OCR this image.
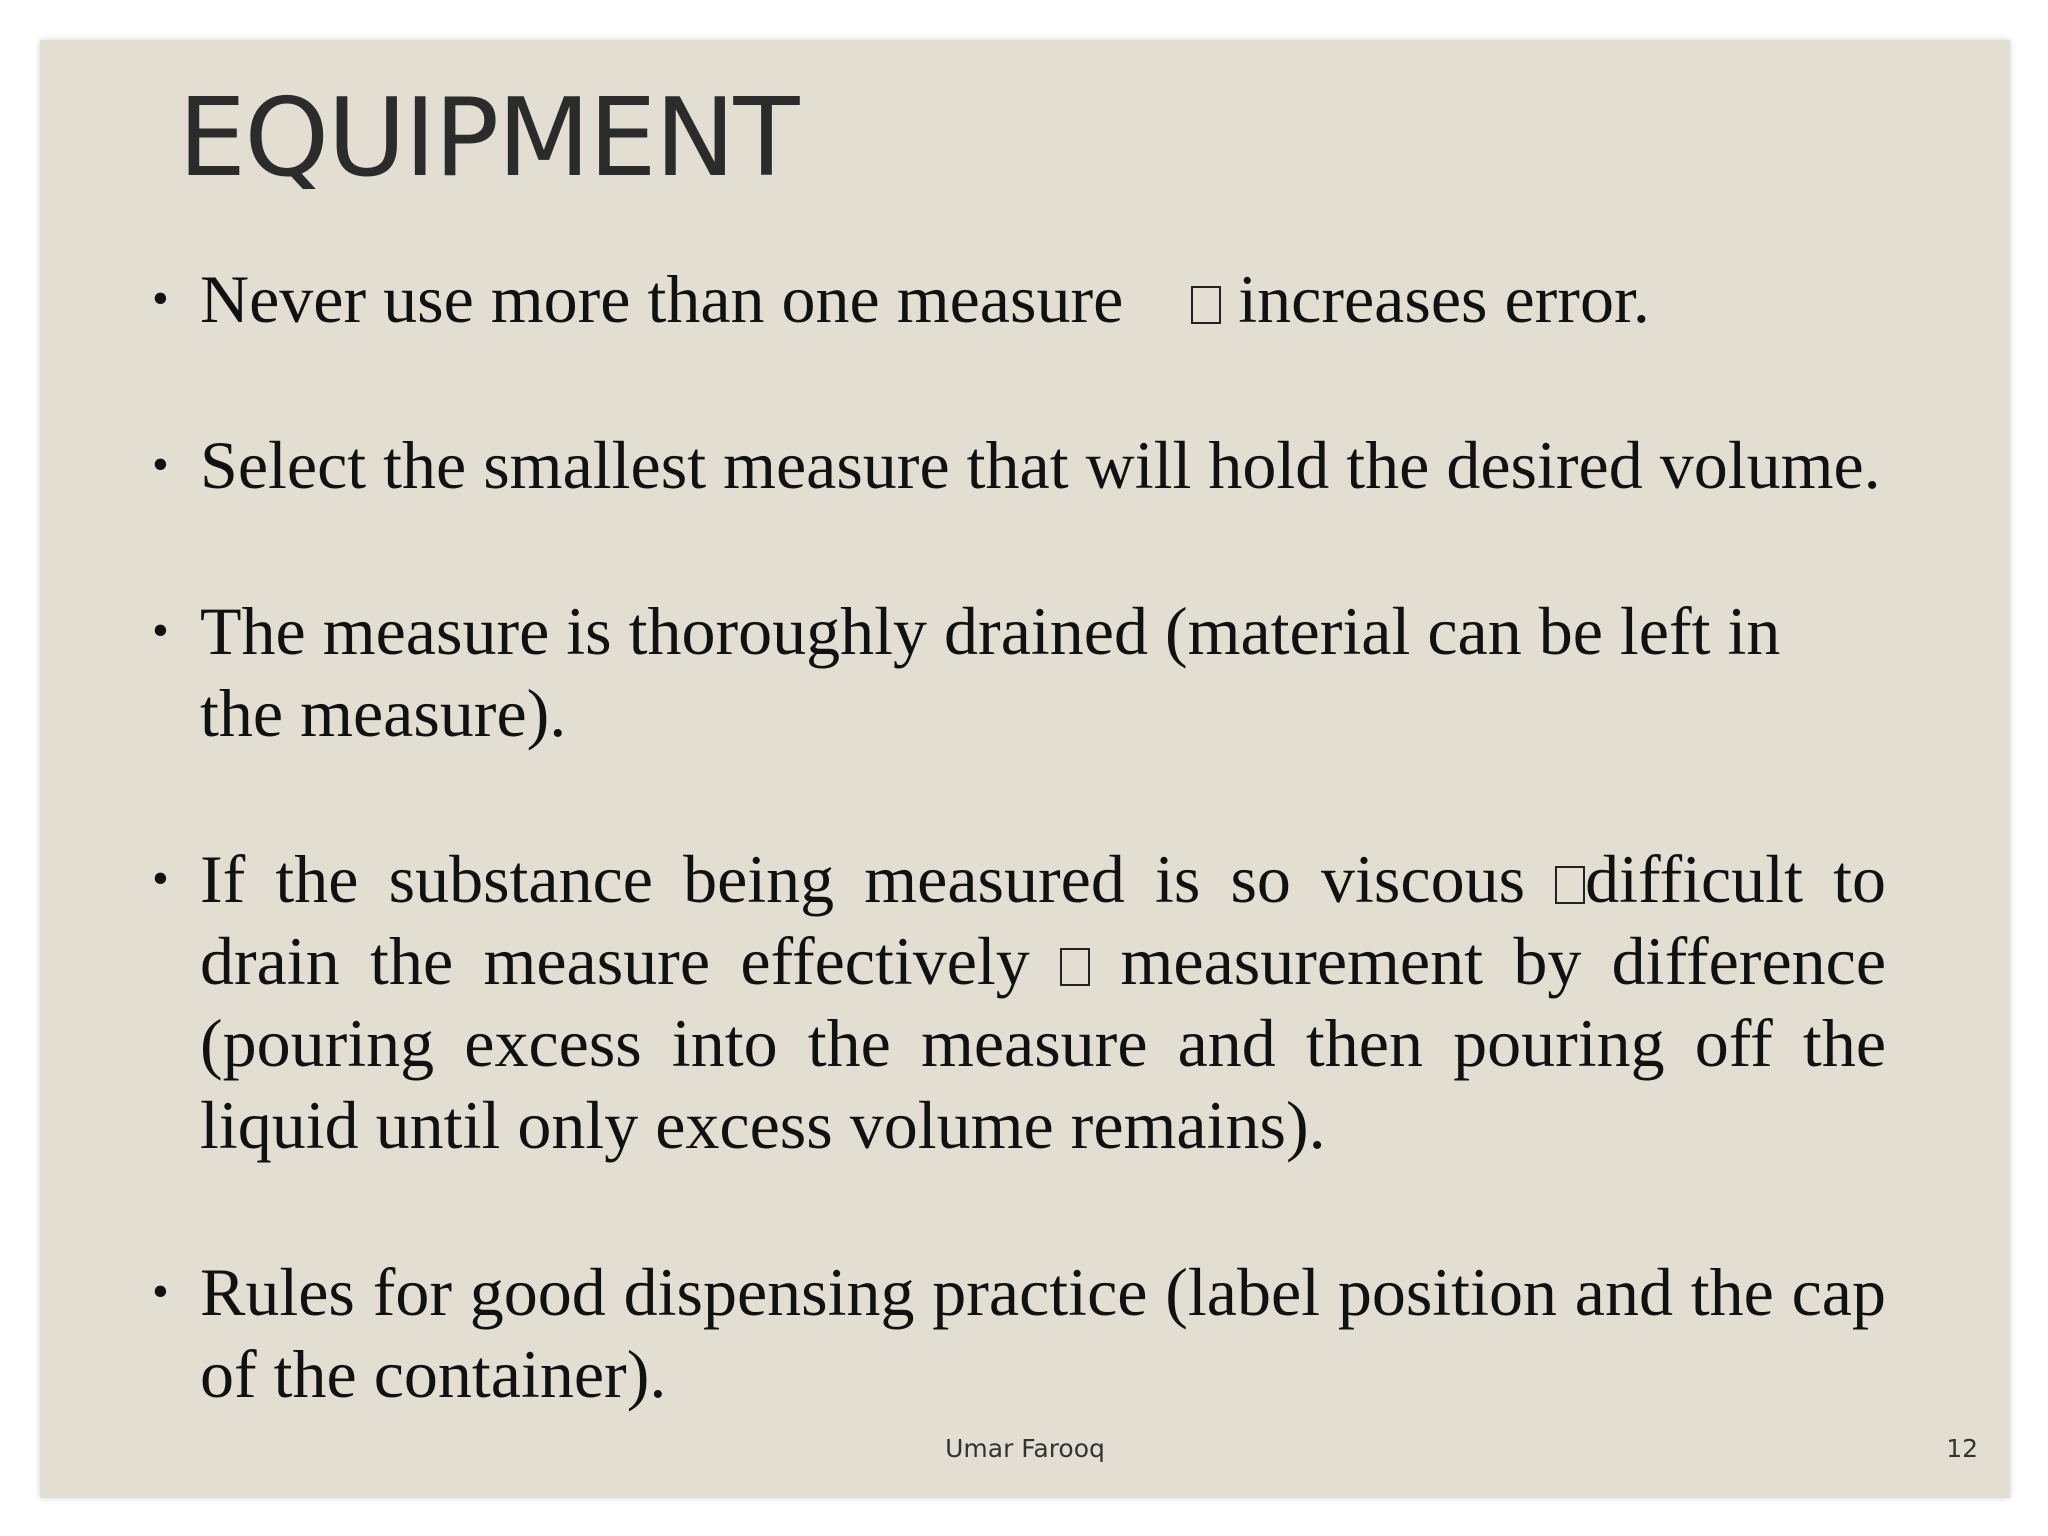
EQUIPMENT
• Never use more than one measure     increases error.
• Select the smallest measure that will hold the desired volume.
• The measure is thoroughly drained (material can be left in the measure).
• If the substance being measured is so viscous difficult to drain the measure effectively  measurement by difference (pouring excess into the measure and then pouring off the liquid until only excess volume remains).
• Rules for good dispensing practice (label position and the cap of the container).
Umar Farooq	12
